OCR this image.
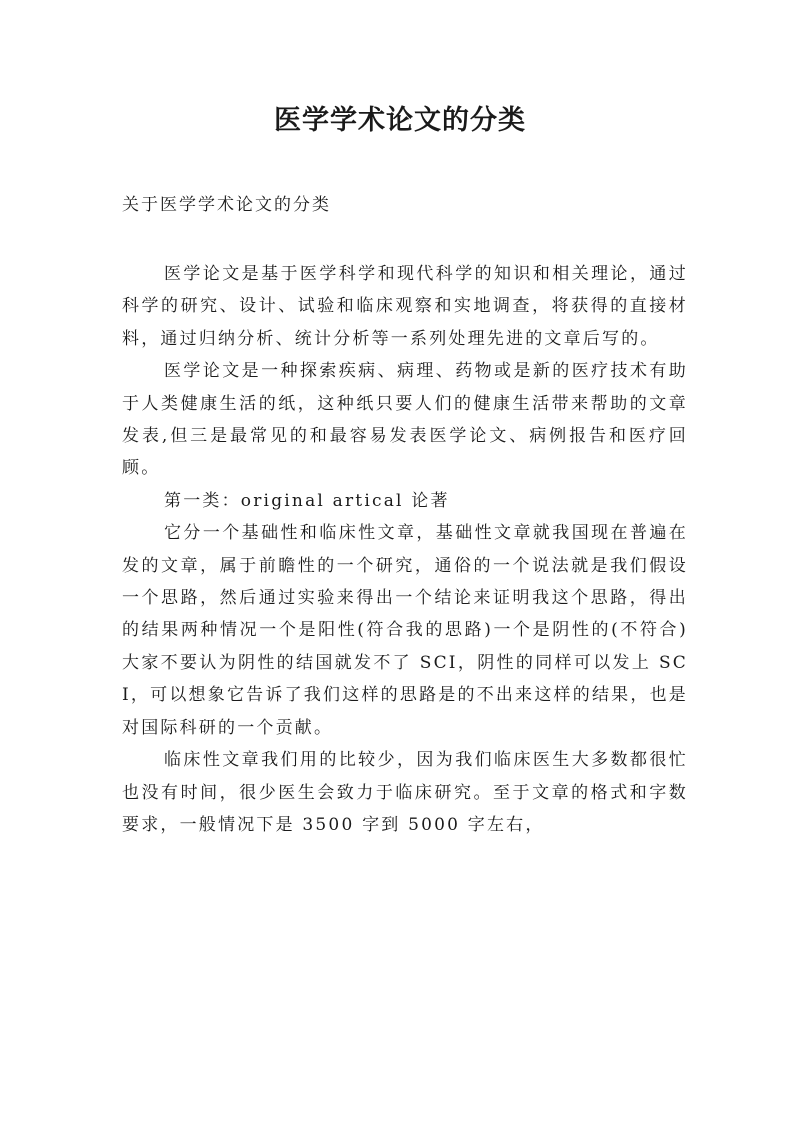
医学学术论文的分类

关于医学学术论文的分类

医学论文是基于医学科学和现代科学的知识和相关理论，通过科学的研究、设计、试验和临床观察和实地调查，将获得的直接材料，通过归纳分析、统计分析等一系列处理先进的文章后写的。

医学论文是一种探索疾病、病理、药物或是新的医疗技术有助于人类健康生活的纸，这种纸只要人们的健康生活带来帮助的文章发表,但三是最常见的和最容易发表医学论文、病例报告和医疗回顾。

第一类：original artical 论著

它分一个基础性和临床性文章，基础性文章就我国现在普遍在发的文章，属于前瞻性的一个研究，通俗的一个说法就是我们假设一个思路，然后通过实验来得出一个结论来证明我这个思路，得出的结果两种情况一个是阳性(符合我的思路)一个是阴性的(不符合)大家不要认为阴性的结国就发不了 SCI，阴性的同样可以发上 SCI，可以想象它告诉了我们这样的思路是的不出来这样的结果，也是对国际科研的一个贡献。

临床性文章我们用的比较少，因为我们临床医生大多数都很忙也没有时间，很少医生会致力于临床研究。至于文章的格式和字数要求，一般情况下是 3500 字到 5000 字左右，
